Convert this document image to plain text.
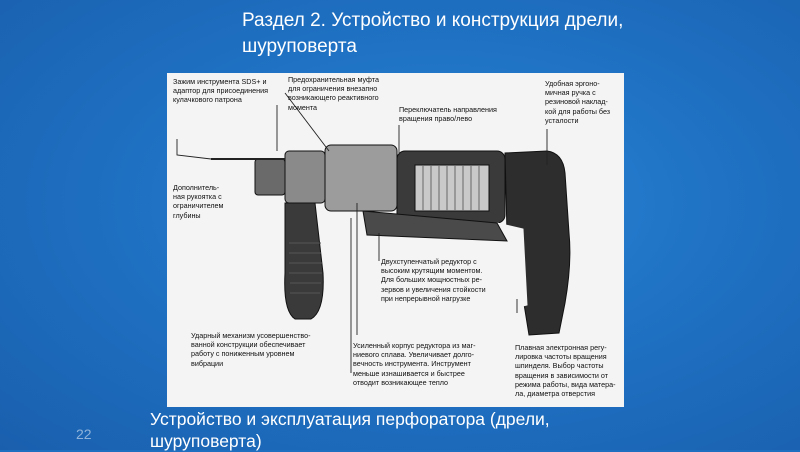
Раздел 2. Устройство и конструкция дрели,
шуруповерта
Зажим инструмента SDS+ и
адаптор для присоединения
кулачкового патрона
Предохранительная муфта
для ограничения внезапно
возникающего реактивного
момента	Переключатель направления
вращения право/лево
Удобная эргоно-
мичная ручка с
резиновой наклад-
кой для работы без
усталости
Дополнитель-
ная рукоятка с
ограничителем
глубины
Двухступенчатый редуктор с
высоким крутящим моментом.
Для больших мощностных ре-
зервов и увеличения стойкости
при непрерывной нагрузке
Ударный механизм усовершенство-
ванной конструкции обеспечивает
работу с пониженным уровнем
вибрации
Усиленный корпус редуктора из маг-
ниевого сплава. Увеличивает долго-
вечность инструмента. Инструмент
меньше изнашивается и быстрее
отводит возникающее тепло
Плавная электронная регу-
лировка частоты вращения
шпинделя. Выбор частоты
вращения в зависимости от
режима работы, вида матера-
ла, диаметра отверстия
Устройство и эксплуатация перфоратора (дрели,
шуруповерта)
22
